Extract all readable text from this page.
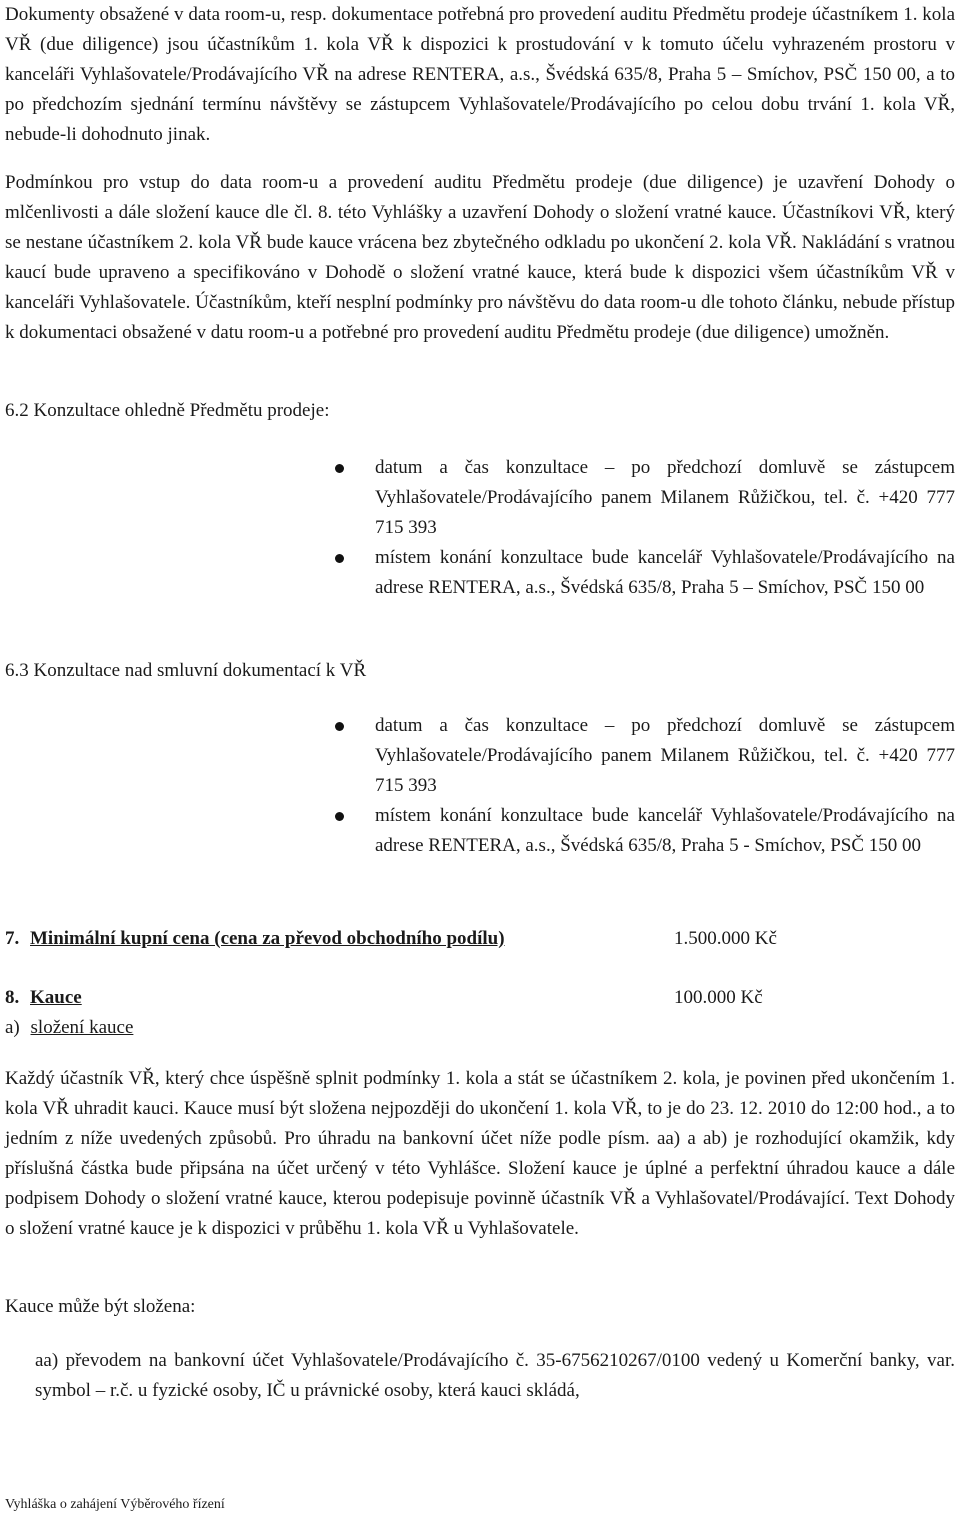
Dokumenty obsažené v data room-u, resp. dokumentace potřebná pro provedení auditu Předmětu prodeje účastníkem 1. kola VŘ (due diligence) jsou účastníkům 1. kola VŘ k dispozici k prostudování v k tomuto účelu vyhrazeném prostoru v kanceláři Vyhlašovatele/Prodávajícího VŘ na adrese RENTERA, a.s., Švédská 635/8, Praha 5 – Smíchov, PSČ 150 00, a to po předchozím sjednání termínu návštěvy se zástupcem Vyhlašovatele/Prodávajícího po celou dobu trvání 1. kola VŘ, nebude-li dohodnuto jinak.

Podmínkou pro vstup do data room-u a provedení auditu Předmětu prodeje (due diligence) je uzavření Dohody o mlčenlivosti a dále složení kauce dle čl. 8. této Vyhlášky a uzavření Dohody o složení vratné kauce. Účastníkovi VŘ, který se nestane účastníkem 2. kola VŘ bude kauce vrácena bez zbytečného odkladu po ukončení 2. kola VŘ. Nakládání s vratnou kaucí bude upraveno a specifikováno v Dohodě o složení vratné kauce, která bude k dispozici všem účastníkům VŘ v kanceláři Vyhlašovatele. Účastníkům, kteří nesplní podmínky pro návštěvu do data room-u dle tohoto článku, nebude přístup k dokumentaci obsažené v datu room-u a potřebné pro provedení auditu Předmětu prodeje (due diligence) umožněn.

6.2 Konzultace ohledně Předmětu prodeje:
datum a čas konzultace – po předchozí domluvě se zástupcem Vyhlašovatele/Prodávajícího panem Milanem Růžičkou, tel. č. +420 777 715 393
místem konání konzultace bude kancelář Vyhlašovatele/Prodávajícího na adrese RENTERA, a.s., Švédská 635/8, Praha 5 – Smíchov, PSČ 150 00
6.3 Konzultace nad smluvní dokumentací k VŘ
datum a čas konzultace – po předchozí domluvě se zástupcem Vyhlašovatele/Prodávajícího panem Milanem Růžičkou, tel. č. +420 777 715 393
místem konání konzultace bude kancelář Vyhlašovatele/Prodávajícího na adrese RENTERA, a.s., Švédská 635/8, Praha 5 - Smíchov, PSČ 150 00
7. Minimální kupní cena (cena za převod obchodního podílu)	1.500.000 Kč
8. Kauce	100.000 Kč
a) složení kauce

Každý účastník VŘ, který chce úspěšně splnit podmínky 1. kola a stát se účastníkem 2. kola, je povinen před ukončením 1. kola VŘ uhradit kauci. Kauce musí být složena nejpozději do ukončení 1. kola VŘ, to je do 23. 12. 2010 do 12:00 hod., a to jedním z níže uvedených způsobů. Pro úhradu na bankovní účet níže podle písm. aa) a ab) je rozhodující okamžik, kdy příslušná částka bude připsána na účet určený v této Vyhlášce. Složení kauce je úplné a perfektní úhradou kauce a dále podpisem Dohody o složení vratné kauce, kterou podepisuje povinně účastník VŘ a Vyhlašovatel/Prodávající. Text Dohody o složení vratné kauce je k dispozici v průběhu 1. kola VŘ u Vyhlašovatele.

Kauce může být složena:

aa) převodem na bankovní účet Vyhlašovatele/Prodávajícího č. 35-6756210267/0100 vedený u Komerční banky, var. symbol – r.č. u fyzické osoby, IČ u právnické osoby, která kauci skládá,

Vyhláška o zahájení Výběrového řízení
